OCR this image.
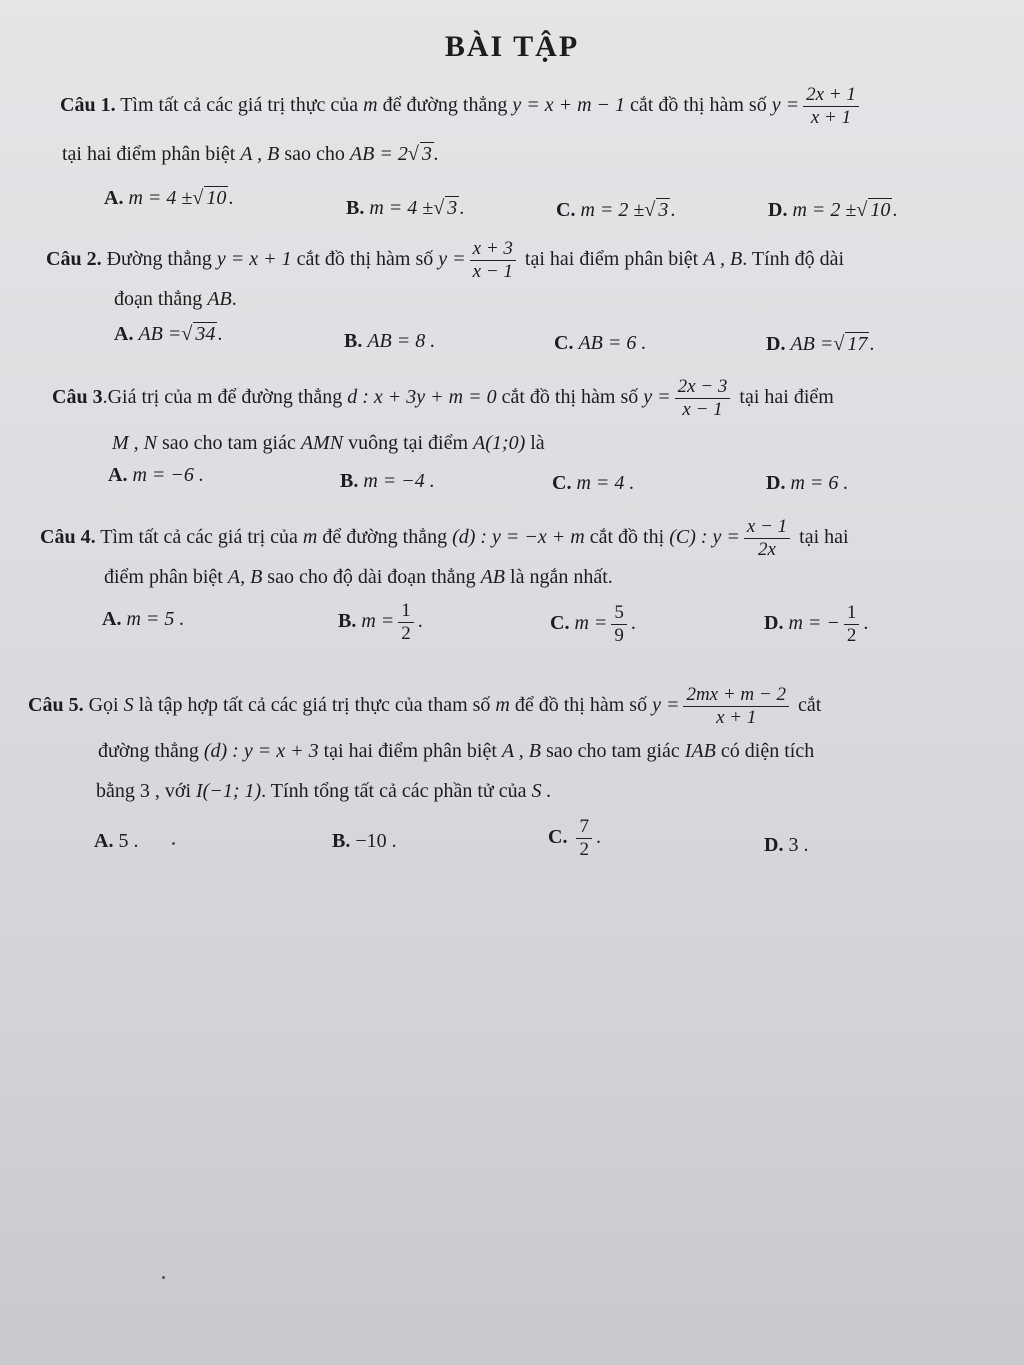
BÀI TẬP
Câu 1. Tìm tất cả các giá trị thực của m để đường thẳng y = x + m − 1 cắt đồ thị hàm số $y = \frac{2x + 1}{x + 1}$
tại hai điểm phân biệt A , B sao cho AB = 2√ 3 .
A. m = 4 ±√ 10 .	B. m = 4 ±√ 3 .	C. m = 2 ±√ 3 .	D. m = 2 ±√ 10 .
Câu 2. Đường thẳng y = x + 1 cắt đồ thị hàm số $y = \frac{x + 3}{x - 1}$ tại hai điểm phân biệt A , B. Tính độ dài
đoạn thẳng AB.
A. AB =√ 34 .	B. AB = 8 .	C. AB = 6 .	D. AB =√ 17 .
Câu 3.Giá trị của m để đường thẳng d : x + 3y + m = 0 cắt đồ thị hàm số $y = \frac{2x - 3}{x - 1}$ tại hai điểm
M , N sao cho tam giác AMN vuông tại điểm A(1;0) là
A. m = −6 .	B. m = −4 .	C. m = 4 .	D. m = 6 .
Câu 4. Tìm tất cả các giá trị của m để đường thẳng (d) : y = −x + m cắt đồ thị (C) : $y = \frac{x - 1}{2x}$ tại hai
điểm phân biệt A, B sao cho độ dài đoạn thẳng AB là ngắn nhất.
A. m = 5 .	B. $m = \frac{1}{2}$ .	C. $m = \frac{5}{9}$ .	D. m = − $\frac{1}{2}$ .
Câu 5. Gọi S là tập hợp tất cả các giá trị thực của tham số m để đồ thị hàm số $y = \frac{2mx + m - 2}{x + 1}$ cắt
đường thẳng (d) : y = x + 3 tại hai điểm phân biệt A , B sao cho tam giác IAB có diện tích
bằng 3 , với I(−1; 1). Tính tổng tất cả các phần tử của S .
A. 5 .	B. −10 .	C. $\frac{7}{2}$ .	D. 3 .
